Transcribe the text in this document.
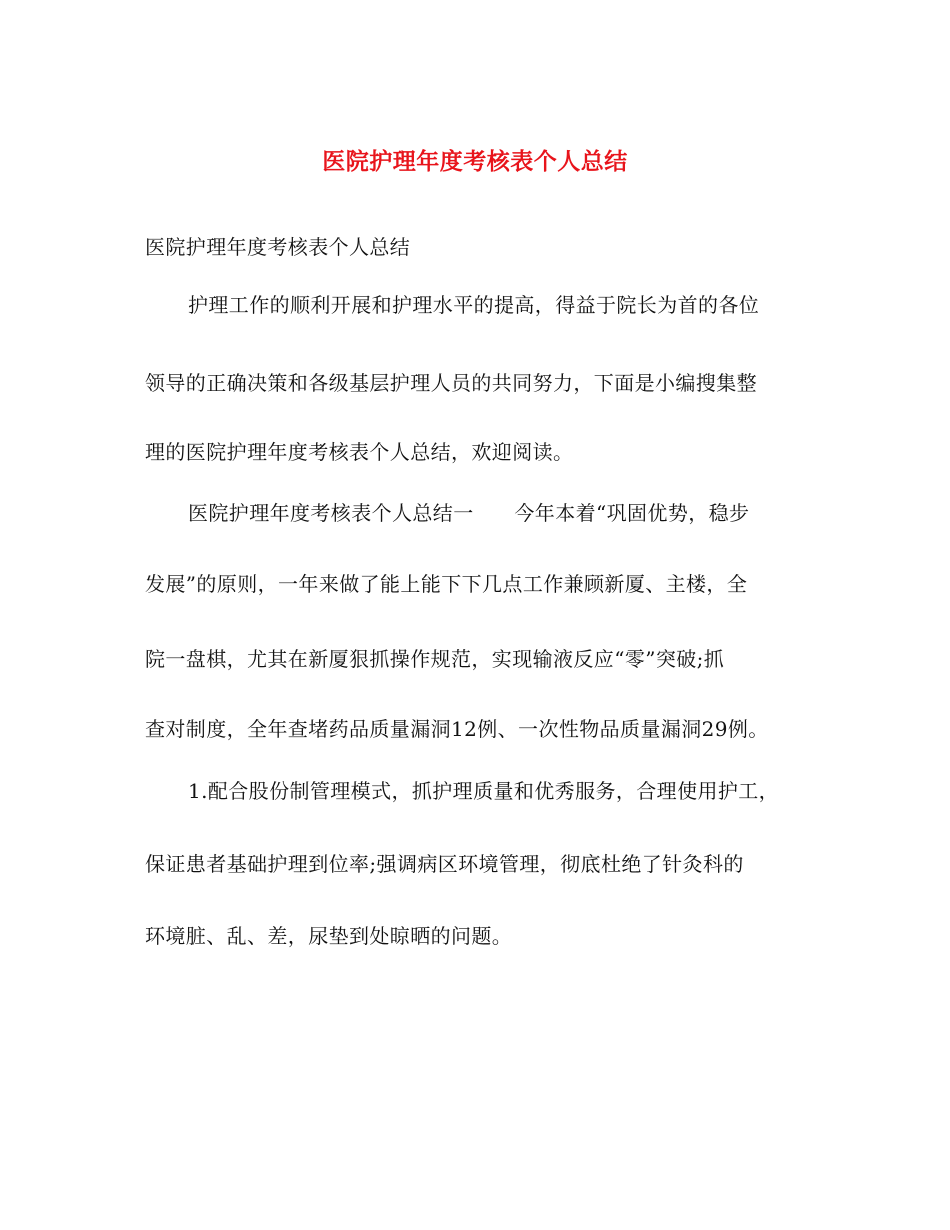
医院护理年度考核表个人总结
医院护理年度考核表个人总结
护理工作的顺利开展和护理水平的提高，得益于院长为首的各位
领导的正确决策和各级基层护理人员的共同努力，下面是小编搜集整
理的医院护理年度考核表个人总结，欢迎阅读。
医院护理年度考核表个人总结一　　今年本着“巩固优势，稳步
发展”的原则，一年来做了能上能下下几点工作兼顾新厦、主楼，全
院一盘棋，尤其在新厦狠抓操作规范，实现输液反应“零”突破;抓
查对制度，全年查堵药品质量漏洞12例、一次性物品质量漏洞29例。
1.配合股份制管理模式，抓护理质量和优秀服务，合理使用护工，
保证患者基础护理到位率;强调病区环境管理，彻底杜绝了针灸科的
环境脏、乱、差，尿垫到处晾晒的问题。
